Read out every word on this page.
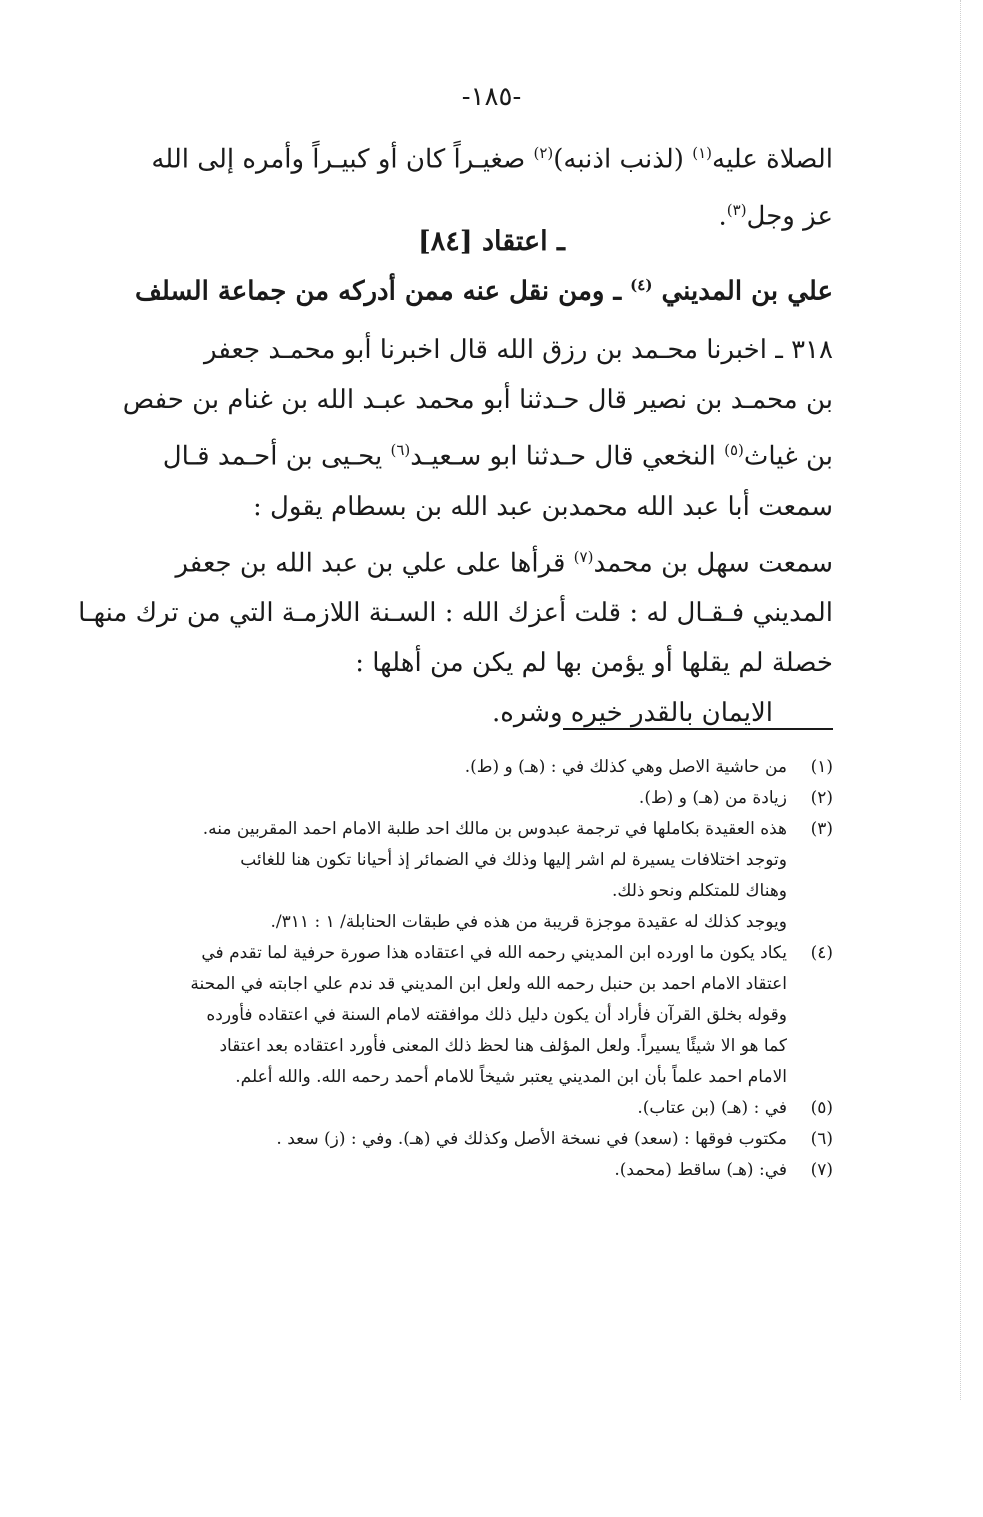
-١٨٥-
الصلاة عليه$^{(١)}$ (لذنب اذنبه)$^{(٢)}$ صغيـراً كان أو كبيـراً وأمره إلى الله
عز وجل$^{(٣)}$.
ـ اعتقاد [٨٤]
علي بن المديني $^{(٤)}$ ـ ومن نقل عنه ممن أدركه من جماعة السلف
٣١٨ ـ اخبرنا محـمد بن رزق الله قال اخبرنا أبو محمـد جعفر
بن محمـد بن نصير قال حـدثنا أبو محمد عبـد الله بن غنام بن حفص
بن غياث$^{(٥)}$ النخعي قال حـدثنا ابو سـعيـد$^{(٦)}$ يحـيى بن أحـمد قـال
سمعت أبا عبد الله محمدبن عبد الله بن بسطام يقول :
سمعت سهل بن محمد$^{(٧)}$ قرأها على علي بن عبد الله بن جعفر
المديني فـقـال له : قلت أعزك الله : السـنة اللازمـة التي من ترك منهـا
خصلة لم يقلها أو يؤمن بها لم يكن من أهلها :
الايمان بالقدر خيره وشره.
(١)من حاشية الاصل وهي كذلك في : (هـ) و (ط).
(٢)زيادة من (هـ) و (ط).
(٣)هذه العقيدة بكاملها في ترجمة عبدوس بن مالك احد طلبة الامام احمد المقربين منه.
وتوجد اختلافات يسيرة لم اشر إليها وذلك في الضمائر إذ أحيانا تكون هنا للغائب
وهناك للمتكلم ونحو ذلك.
ويوجد كذلك له عقيدة موجزة قريبة من هذه في طبقات الحنابلة/ ١ : ٣١١/.
(٤)يكاد يكون ما اورده ابن المديني رحمه الله في اعتقاده هذا صورة حرفية لما تقدم في
اعتقاد الامام احمد بن حنبل رحمه الله ولعل ابن المديني قد ندم علي اجابته في المحنة
وقوله بخلق القرآن فأراد أن يكون دليل ذلك موافقته لامام السنة في اعتقاده فأورده
كما هو الا شيئًا يسيراً. ولعل المؤلف هنا لحظ ذلك المعنى فأورد اعتقاده بعد اعتقاد
الامام احمد علماً بأن ابن المديني يعتبر شيخاً للامام أحمد رحمه الله. والله أعلم.
(٥)في : (هـ) (بن عتاب).
(٦)مكتوب فوقها : (سعد) في نسخة الأصل وكذلك في (هـ). وفي : (ز) سعد .
(٧)في: (هـ) ساقط (محمد).
